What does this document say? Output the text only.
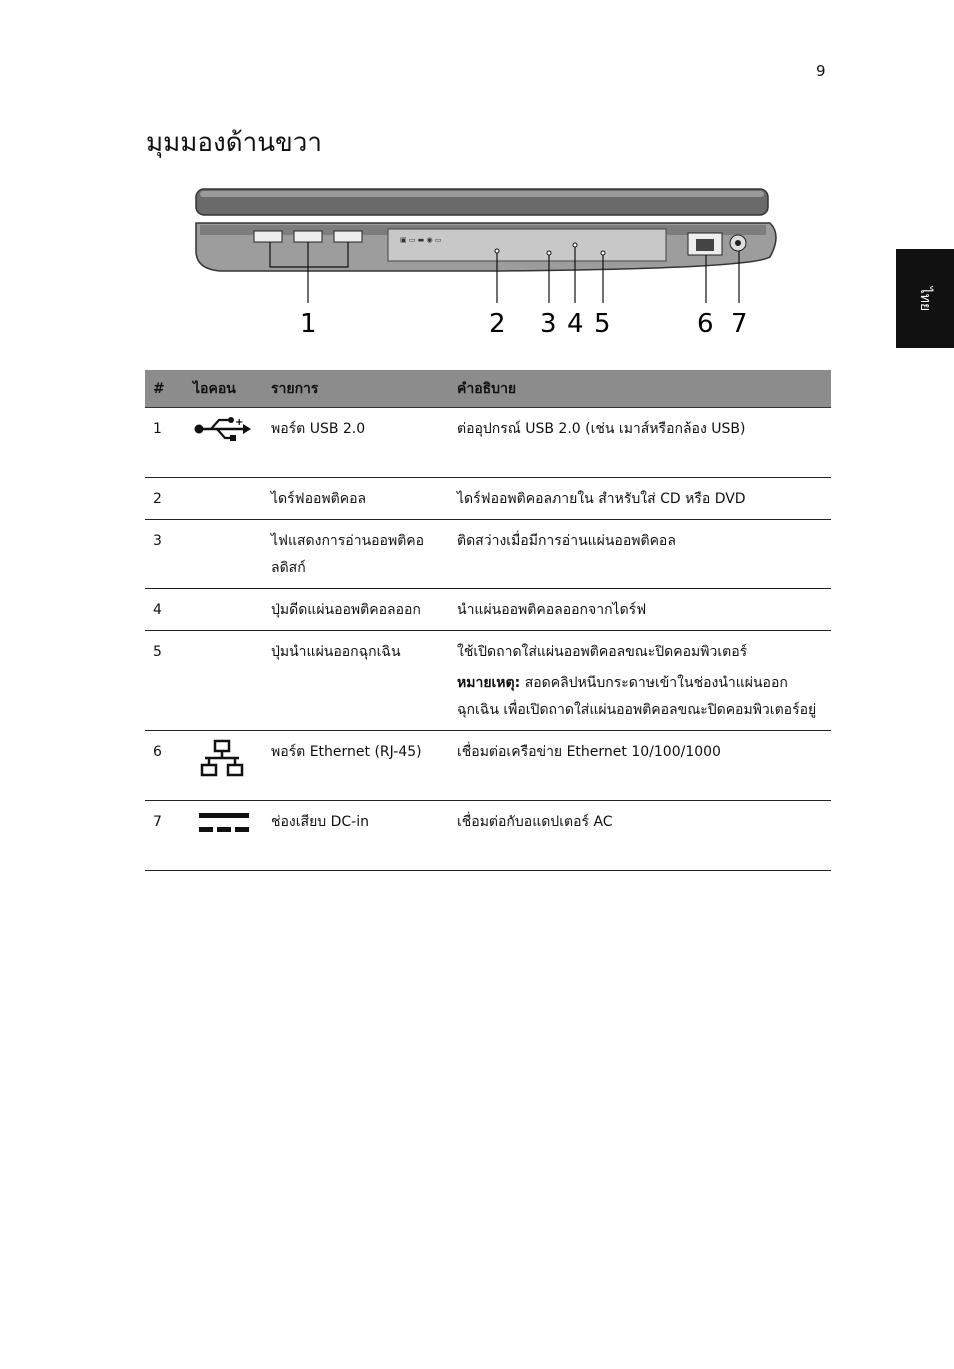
9
ไทย
มุมมองด้านขวา
▣ ▭ ▬ ◉ ▭
1	2 3 4 5	6 7
#	ไอคอน	รายการ	คำอธิบาย
1	+	พอร์ต USB 2.0	ต่ออุปกรณ์ USB 2.0 (เช่น เมาส์หรือกล้อง USB)
2		ไดร์ฟออพติคอล	ไดร์ฟออพติคอลภายใน สำหรับใส่ CD หรือ DVD
3		ไฟแสดงการอ่านออพติคอลดิสก์	ติดสว่างเมื่อมีการอ่านแผ่นออพติคอล
4		ปุ่มดีดแผ่นออพติคอลออก	นำแผ่นออพติคอลออกจากไดร์ฟ
5		ปุ่มนำแผ่นออกฉุกเฉิน	ใช้เปิดถาดใส่แผ่นออพติคอลขณะปิดคอมพิวเตอร์
หมายเหตุ: สอดคลิปหนีบกระดาษเข้าในช่องนำแผ่นออกฉุกเฉิน เพื่อเปิดถาดใส่แผ่นออพติคอลขณะปิดคอมพิวเตอร์อยู่

6		พอร์ต Ethernet (RJ-45)	เชื่อมต่อเครือข่าย Ethernet 10/100/1000
7		ช่องเสียบ DC-in	เชื่อมต่อกับอแดปเตอร์ AC
